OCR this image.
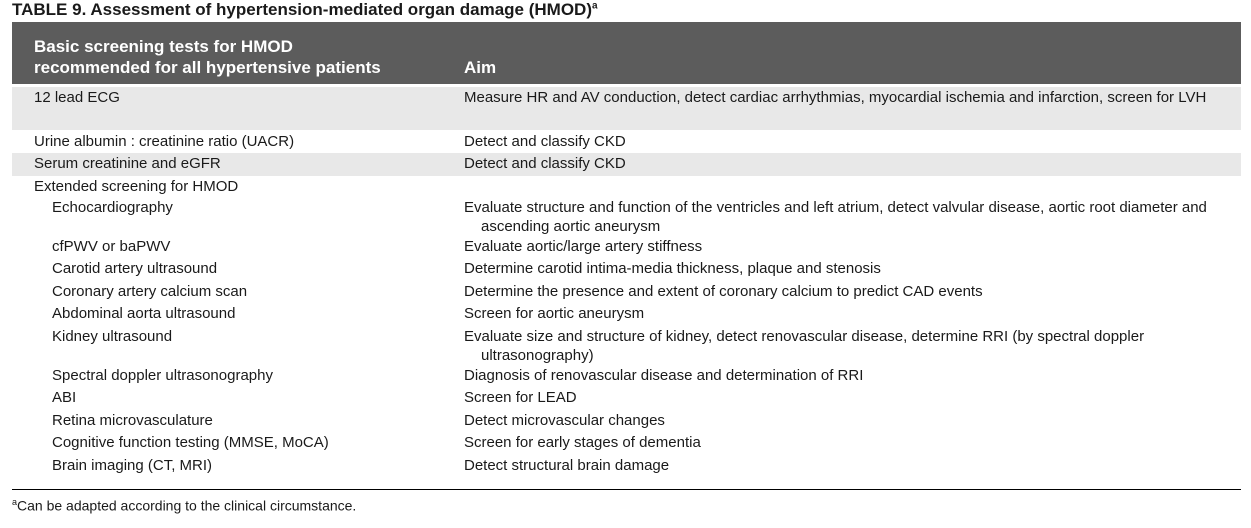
TABLE 9. Assessment of hypertension-mediated organ damage (HMOD)$^a$
Basic screening tests for HMOD
recommended for all hypertensive patients	Aim
12 lead ECG	Measure HR and AV conduction, detect cardiac arrhythmias, myocardial ischemia and infarction, screen for LVH
Urine albumin : creatinine ratio (UACR)	Detect and classify CKD
Serum creatinine and eGFR	Detect and classify CKD
Extended screening for HMOD
Echocardiography	Evaluate structure and function of the ventricles and left atrium, detect valvular disease, aortic root diameter and ascending aortic aneurysm
cfPWV or baPWV	Evaluate aortic/large artery stiffness
Carotid artery ultrasound	Determine carotid intima-media thickness, plaque and stenosis
Coronary artery calcium scan	Determine the presence and extent of coronary calcium to predict CAD events
Abdominal aorta ultrasound	Screen for aortic aneurysm
Kidney ultrasound	Evaluate size and structure of kidney, detect renovascular disease, determine RRI (by spectral doppler ultrasonography)
Spectral doppler ultrasonography	Diagnosis of renovascular disease and determination of RRI
ABI	Screen for LEAD
Retina microvasculature	Detect microvascular changes
Cognitive function testing (MMSE, MoCA)	Screen for early stages of dementia
Brain imaging (CT, MRI)	Detect structural brain damage
$^a$Can be adapted according to the clinical circumstance.
